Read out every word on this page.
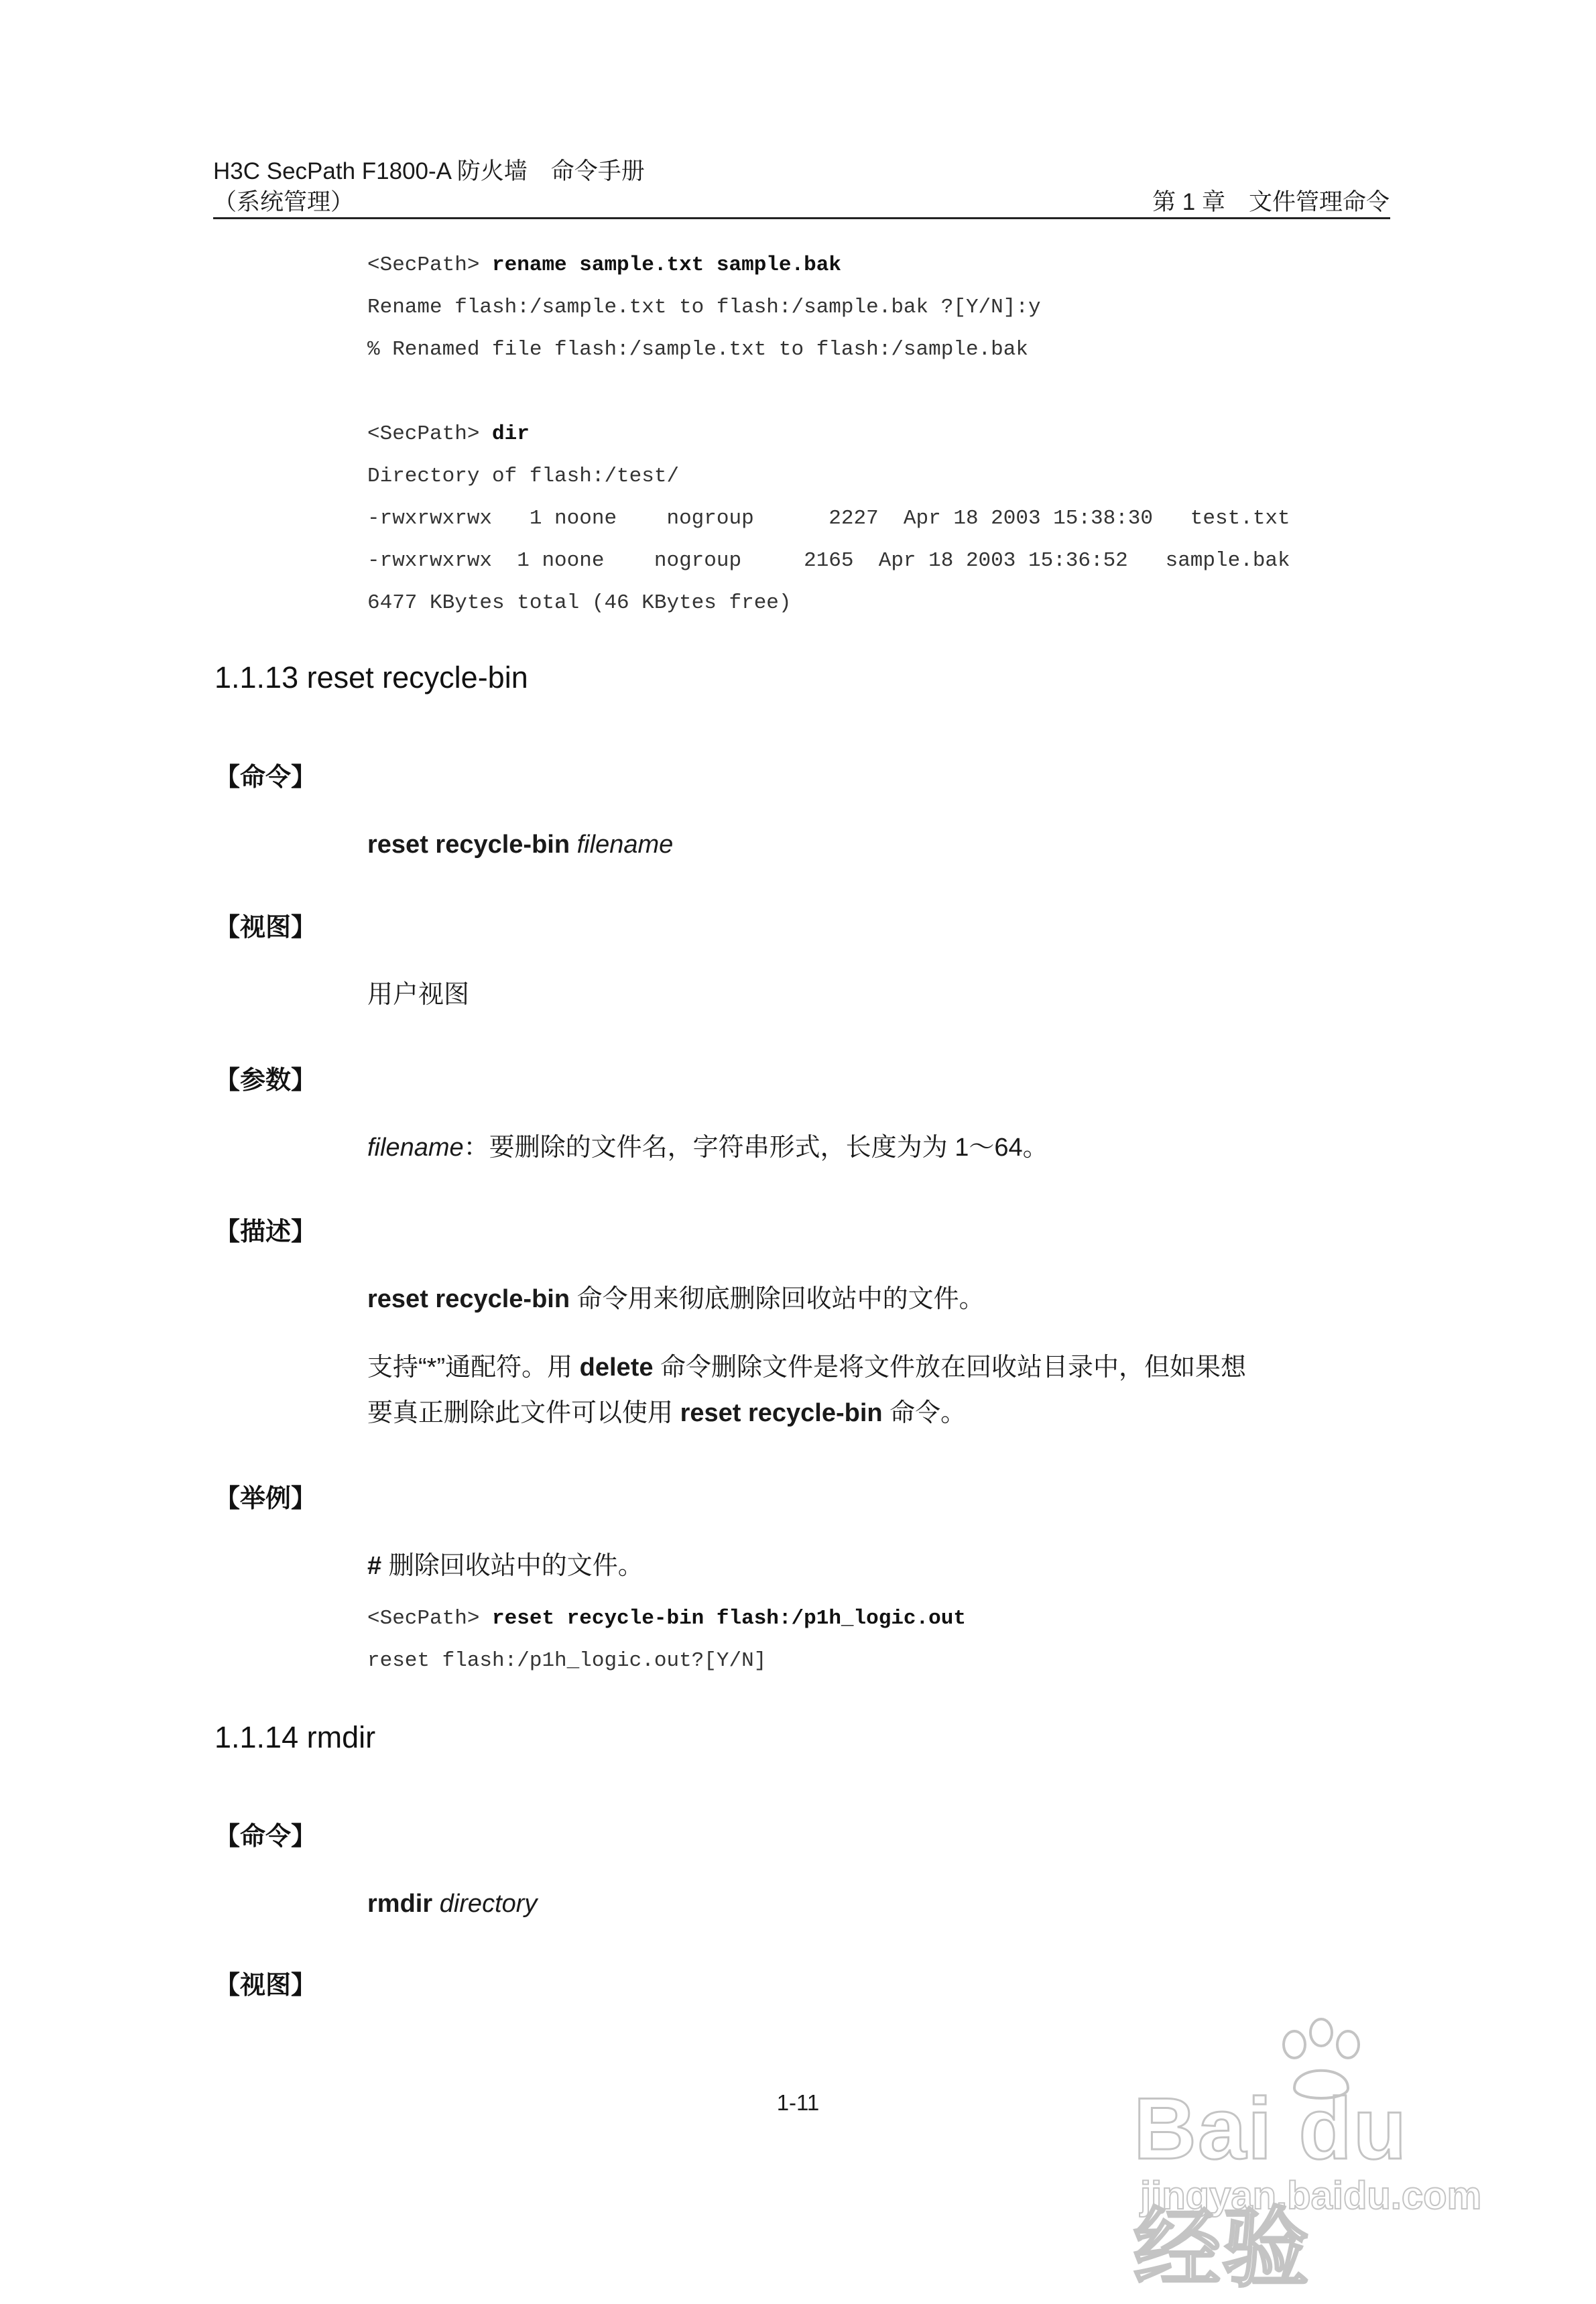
H3C SecPath F1800-A 防火墙　命令手册
（系统管理）	第 1 章　文件管理命令
<SecPath> rename sample.txt sample.bak
Rename flash:/sample.txt to flash:/sample.bak ?[Y/N]:y
% Renamed file flash:/sample.txt to flash:/sample.bak
<SecPath> dir
Directory of flash:/test/
-rwxrwxrwx   1 noone    nogroup      2227  Apr 18 2003 15:38:30   test.txt
-rwxrwxrwx  1 noone    nogroup     2165  Apr 18 2003 15:36:52   sample.bak
6477 KBytes total (46 KBytes free)
1.1.13 reset recycle-bin
【命令】
reset recycle-bin filename
【视图】
用户视图
【参数】
filename：要删除的文件名，字符串形式，长度为为 1～64。
【描述】
reset recycle-bin 命令用来彻底删除回收站中的文件。
支持“*”通配符。用 delete 命令删除文件是将文件放在回收站目录中，但如果想
要真正删除此文件可以使用 reset recycle-bin 命令。
【举例】
# 删除回收站中的文件。
<SecPath> reset recycle-bin flash:/p1h_logic.out
reset flash:/p1h_logic.out?[Y/N]
1.1.14 rmdir
【命令】
rmdir directory
【视图】
1-11	Bai du 经验
jingyan.baidu.com
